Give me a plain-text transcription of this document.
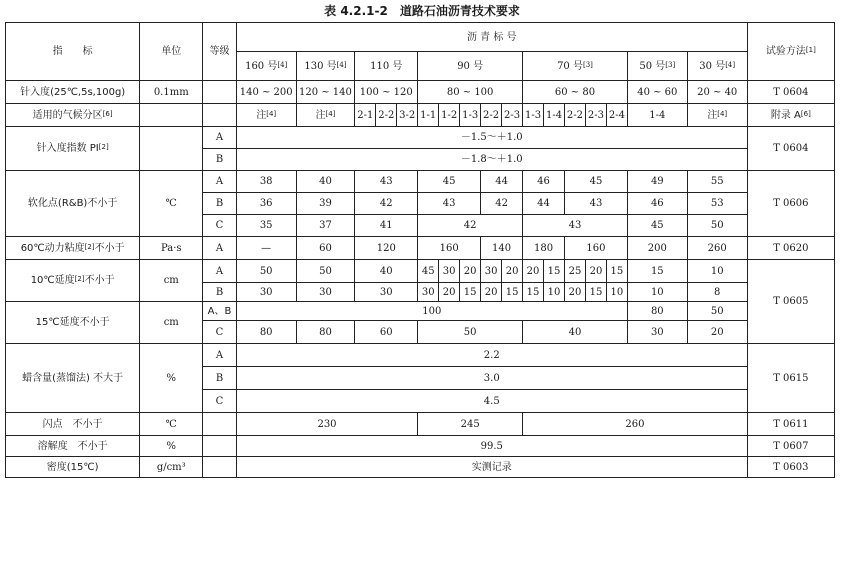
表 4.2.1-2　道路石油沥青技术要求
指　　标	单位	等级	沥 青 标 号																	试验方法[1]
			160 号[4]	130 号[4]	110 号			90 号					70 号[3]					50 号[3]	30 号[4]
针入度(25℃,5s,100g)	0.1mm		140 ~ 200	120 ~ 140	100 ~ 120			80 ~ 100					60 ~ 80					40 ~ 60	20 ~ 40	T 0604
适用的气候分区[6]			注[4]	注[4]	2-1	2-2	3-2	1-1	1-2	1-3	2-2	2-3	1-3	1-4	2-2	2-3	2-4	1-4	注[4]	附录 A[6]
针入度指数 PI[2]		A	－1.5～＋1.0																	T 0604
		B	－1.8～＋1.0																	
软化点(R&B)不小于	℃	A	38	40	43			45			44		46		45			49	55	T 0606
		B	36	39	42			43			42		44		43			46	53	
		C	35	37	41			42					43					45	50	
60℃动力粘度[2]不小于	Pa·s	A	—	60	120			160			140		180		160			200	260	T 0620
10℃延度[2]不小于	cm	A	50	50	40			45	30	20	30	20	20	15	25	20	15	15	10	T 0605
		B	30	30	30			30	20	15	20	15	15	10	20	15	10	10	8	
15℃延度不小于	cm	A、B	100															80	50	
		C	80	80	60			50					40					30	20	
蜡含量(蒸馏法) 不大于	%	A	2.2																	T 0615
		B	3.0																	
		C	4.5																	
闪点　不小于	℃		230					245					260							T 0611
溶解度　不小于	%		99.5																	T 0607
密度(15℃)	g/cm³		实测记录																	T 0603
